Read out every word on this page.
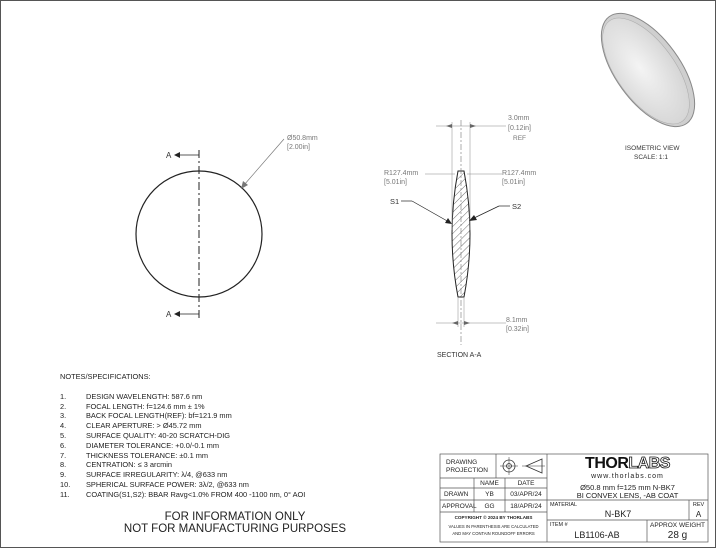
A
A
Ø50.8mm
[2.00in]
3.0mm
[0.12in]
REF
R127.4mm
[5.01in]
R127.4mm
[5.01in]
S1
S2
8.1mm
[0.32in]
SECTION A-A
ISOMETRIC VIEW
SCALE: 1:1
NOTES/SPECIFICATIONS:
1.	DESIGN WAVELENGTH: 587.6 nm
2.	FOCAL LENGTH: f=124.6 mm ± 1%
3.	BACK FOCAL LENGTH(REF): bf=121.9 mm
4.	CLEAR APERTURE: > Ø45.72 mm
5.	SURFACE QUALITY: 40-20 SCRATCH-DIG
6.	DIAMETER TOLERANCE: +0.0/-0.1 mm
7.	THICKNESS TOLERANCE: ±0.1 mm
8.	CENTRATION: ≤ 3 arcmin
9.	SURFACE IRREGULARITY: λ/4, @633 nm
10.	SPHERICAL SURFACE POWER: 3λ/2, @633 nm
11.	COATING(S1,S2): BBAR Ravg<1.0% FROM 400 -1100 nm, 0° AOI
FOR INFORMATION ONLY
NOT FOR MANUFACTURING PURPOSES
DRAWING PROJECTION
NAME	DATE
DRAWN	YB	03/APR/24
APPROVAL	GG	18/APR/24
COPYRIGHT © 2024 BY THORLABS
VALUES IN PARENTHESIS ARE CALCULATED
AND MAY CONTAIN ROUNDOFF ERRORS
THORLABS
www.thorlabs.com
Ø50.8 mm f=125 mm N-BK7
BI CONVEX LENS, -AB COAT
MATERIAL
N-BK7
REV
A
ITEM #
LB1106-AB
APPROX WEIGHT
28 g
